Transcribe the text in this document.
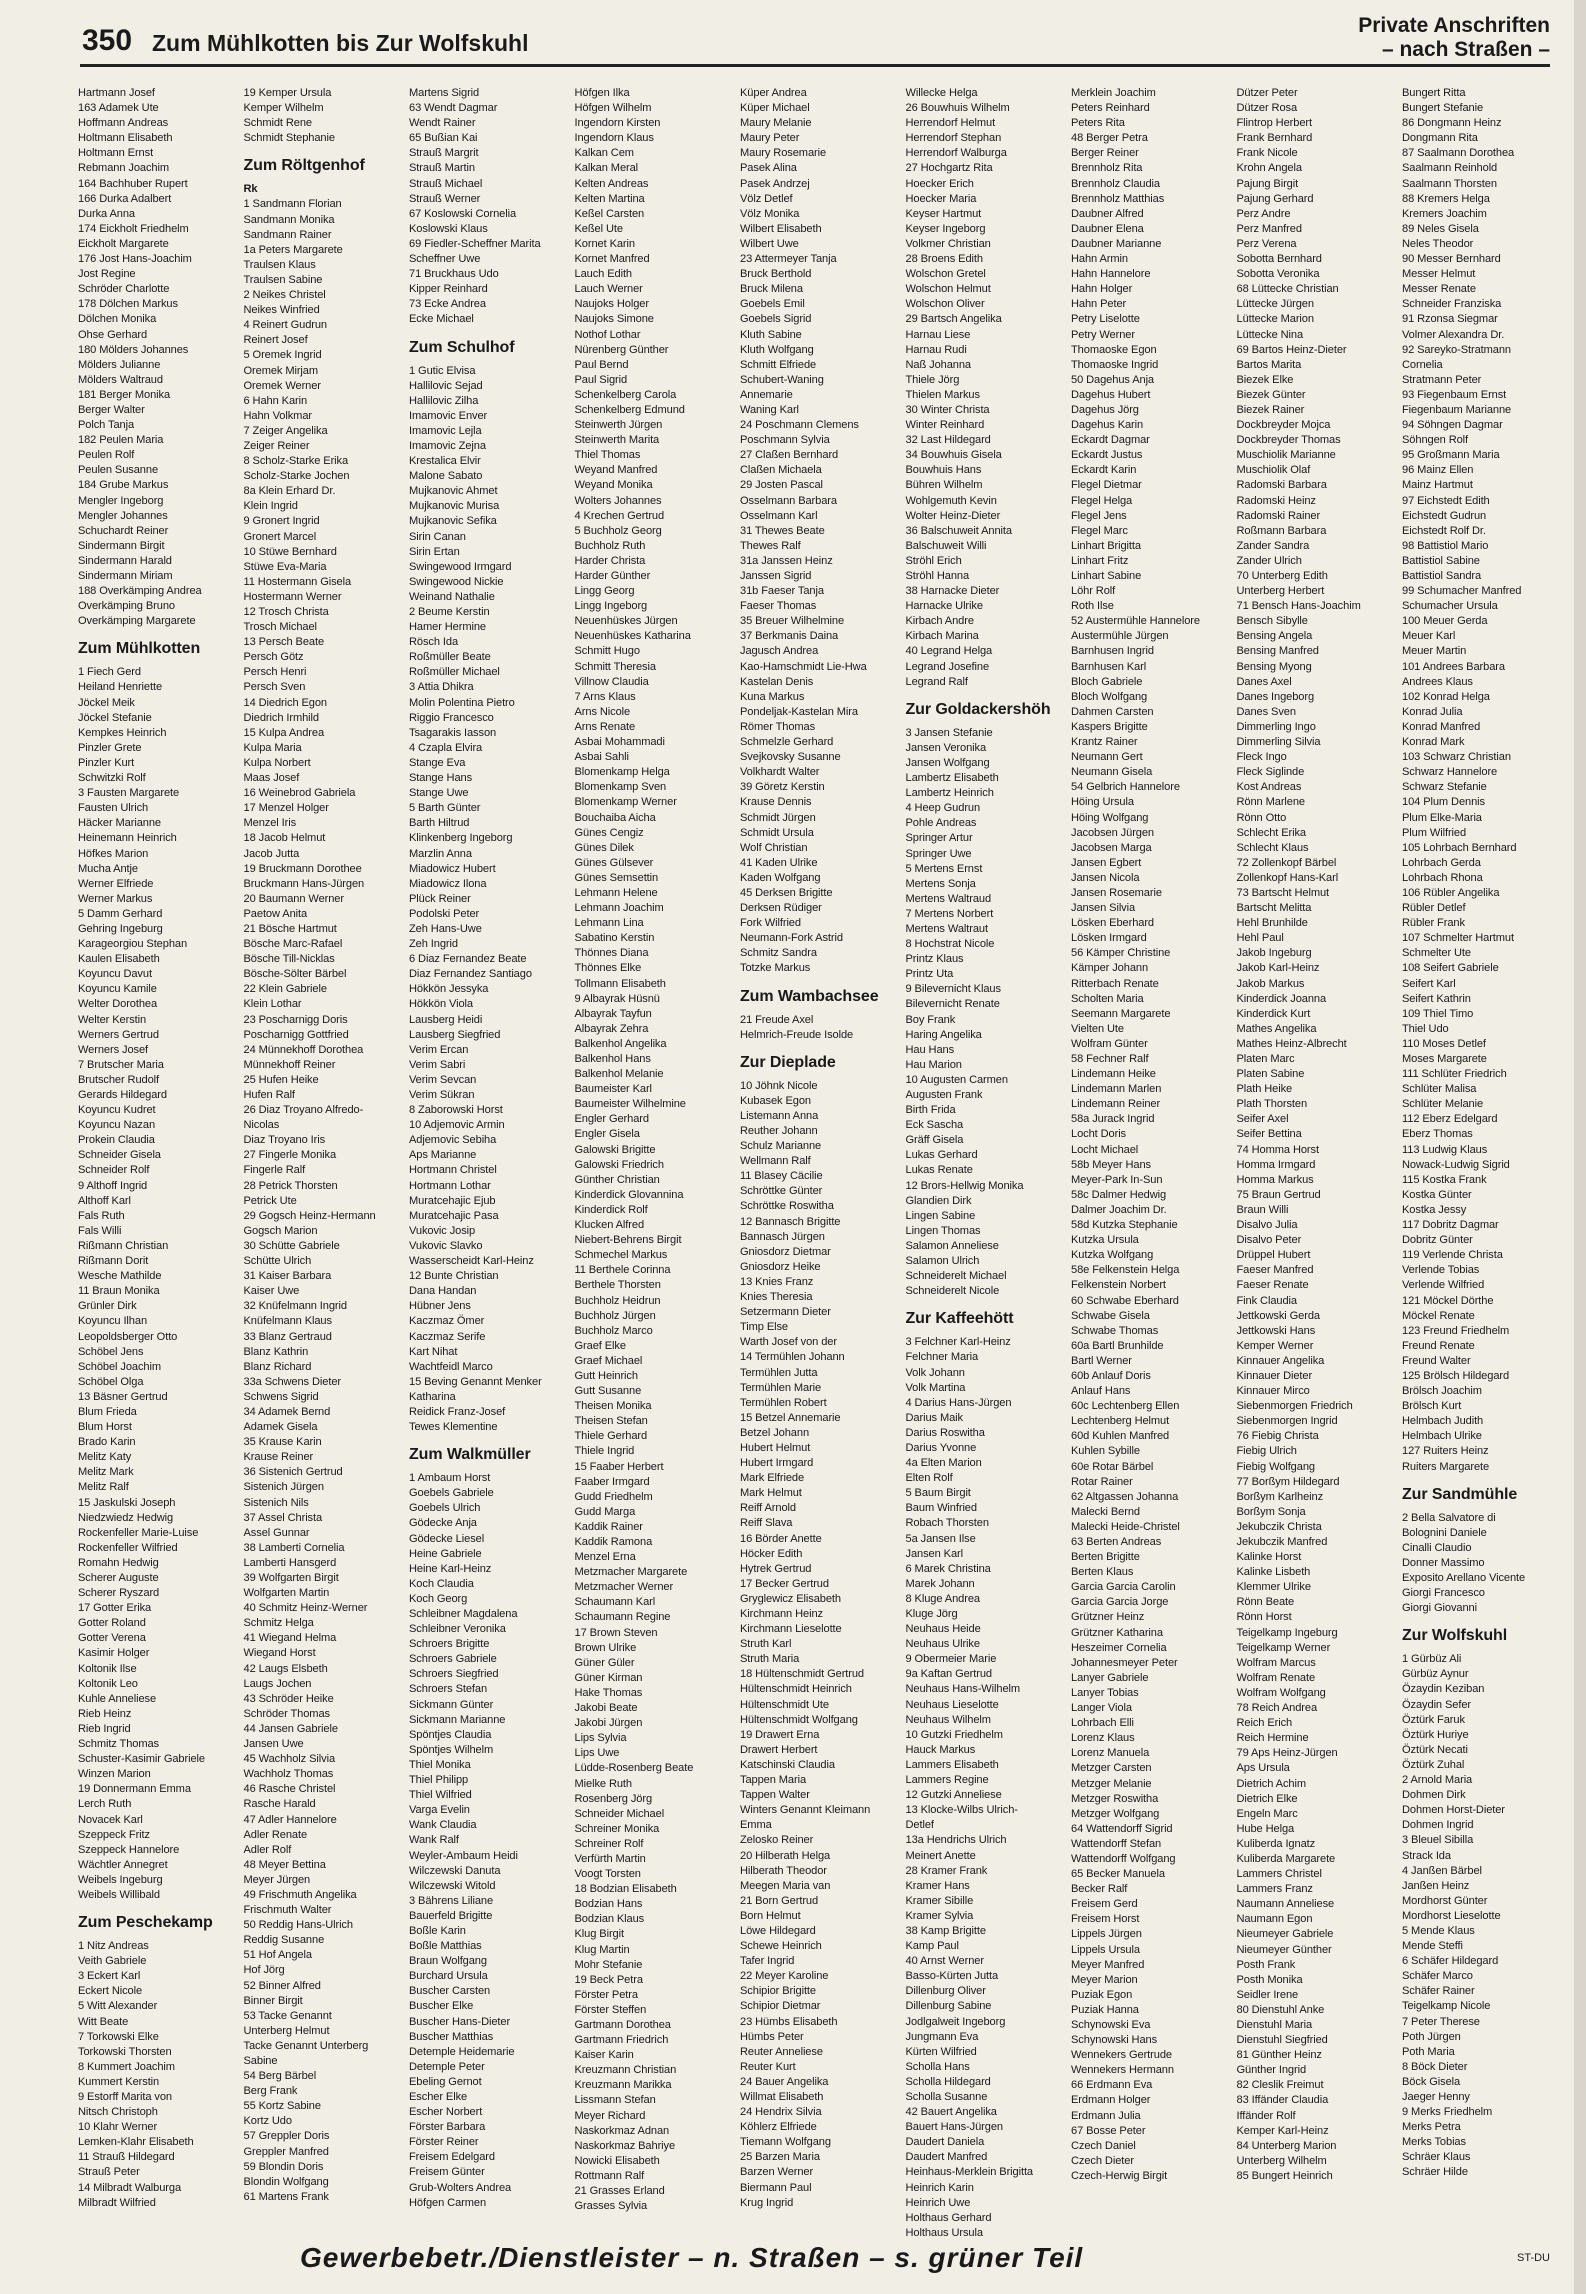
350 Zum Mühlkotten bis Zur Wolfskuhl
Private Anschriften
– nach Straßen –
Hartmann Josef
163 Adamek Ute
Hoffmann Andreas
Holtmann Elisabeth
Holtmann Ernst
Rebmann Joachim
164 Bachhuber Rupert
166 Durka Adalbert
Durka Anna
174 Eickholt Friedhelm
Eickholt Margarete
176 Jost Hans-Joachim
Jost Regine
Schröder Charlotte
178 Dölchen Markus
Dölchen Monika
Ohse Gerhard
180 Mölders Johannes
Mölders Julianne
Mölders Waltraud
181 Berger Monika
Berger Walter
Polch Tanja
182 Peulen Maria
Peulen Rolf
Peulen Susanne
184 Grube Markus
Mengler Ingeborg
Mengler Johannes
Schuchardt Reiner
Sindermann Birgit
Sindermann Harald
Sindermann Miriam
188 Overkämping Andrea
Overkämping Bruno
Overkämping Margarete
Zum Mühlkotten
1 Fiech Gerd
Heiland Henriette
Jöckel Meik
Jöckel Stefanie
Kempkes Heinrich
Pinzler Grete
Pinzler Kurt
Schwitzki Rolf
3 Fausten Margarete
Fausten Ulrich
Häcker Marianne
Heinemann Heinrich
Höfkes Marion
Mucha Antje
Werner Elfriede
Werner Markus
5 Damm Gerhard
Gehring Ingeburg
Karageorgiou Stephan
Kaulen Elisabeth
Koyuncu Davut
Koyuncu Kamile
Welter Dorothea
Welter Kerstin
Werners Gertrud
Werners Josef
7 Brutscher Maria
Brutscher Rudolf
Gerards Hildegard
Koyuncu Kudret
Koyuncu Nazan
Prokein Claudia
Schneider Gisela
Schneider Rolf
9 Althoff Ingrid
Althoff Karl
Fals Ruth
Fals Willi
Rißmann Christian
Rißmann Dorit
Wesche Mathilde
11 Braun Monika
Grünler Dirk
Koyuncu Ilhan
Leopoldsberger Otto
Schöbel Jens
Schöbel Joachim
Schöbel Olga
13 Bäsner Gertrud
Blum Frieda
Blum Horst
Brado Karin
Melitz Katy
Melitz Mark
Melitz Ralf
15 Jaskulski Joseph
Niedzwiedz Hedwig
Rockenfeller Marie-Luise
Rockenfeller Wilfried
Romahn Hedwig
Scherer Auguste
Scherer Ryszard
17 Gotter Erika
Gotter Roland
Gotter Verena
Kasimir Holger
Koltonik Ilse
Koltonik Leo
Kuhle Anneliese
Rieb Heinz
Rieb Ingrid
Schmitz Thomas
Schuster-Kasimir Gabriele
Winzen Marion
19 Donnermann Emma
Lerch Ruth
Novacek Karl
Szeppeck Fritz
Szeppeck Hannelore
Wächtler Annegret
Weibels Ingeburg
Weibels Willibald
Zum Peschekamp
1 Nitz Andreas
Veith Gabriele
3 Eckert Karl
Eckert Nicole
5 Witt Alexander
Witt Beate
7 Torkowski Elke
Torkowski Thorsten
8 Kummert Joachim
Kummert Kerstin
9 Estorff Marita von
Nitsch Christoph
10 Klahr Werner
Lemken-Klahr Elisabeth
11 Strauß Hildegard
Strauß Peter
14 Milbradt Walburga
Milbradt Wilfried
19 Kemper Ursula
Kemper Wilhelm
Schmidt Rene
Schmidt Stephanie
Zum Röltgenhof
Rk
1 Sandmann Florian
Sandmann Monika
Sandmann Rainer
1a Peters Margarete
Traulsen Klaus
Traulsen Sabine
2 Neikes Christel
Neikes Winfried
4 Reinert Gudrun
Reinert Josef
5 Oremek Ingrid
Oremek Mirjam
Oremek Werner
6 Hahn Karin
Hahn Volkmar
7 Zeiger Angelika
Zeiger Reiner
8 Scholz-Starke Erika
Scholz-Starke Jochen
8a Klein Erhard Dr.
Klein Ingrid
9 Gronert Ingrid
Gronert Marcel
10 Stüwe Bernhard
Stüwe Eva-Maria
11 Hostermann Gisela
Hostermann Werner
12 Trosch Christa
Trosch Michael
13 Persch Beate
Persch Götz
Persch Henri
Persch Sven
14 Diedrich Egon
Diedrich Irmhild
15 Kulpa Andrea
Kulpa Maria
Kulpa Norbert
Maas Josef
16 Weinebrod Gabriela
17 Menzel Holger
Menzel Iris
18 Jacob Helmut
Jacob Jutta
19 Bruckmann Dorothee
Bruckmann Hans-Jürgen
20 Baumann Werner
Paetow Anita
21 Bösche Hartmut
Bösche Marc-Rafael
Bösche Till-Nicklas
Bösche-Sölter Bärbel
22 Klein Gabriele
Klein Lothar
23 Poscharnigg Doris
Poscharnigg Gottfried
24 Münnekhoff Dorothea
Münnekhoff Reiner
25 Hufen Heike
Hufen Ralf
26 Diaz Troyano Alfredo-
Nicolas
Diaz Troyano Iris
27 Fingerle Monika
Fingerle Ralf
28 Petrick Thorsten
Petrick Ute
29 Gogsch Heinz-Hermann
Gogsch Marion
30 Schütte Gabriele
Schütte Ulrich
31 Kaiser Barbara
Kaiser Uwe
32 Knüfelmann Ingrid
Knüfelmann Klaus
33 Blanz Gertraud
Blanz Kathrin
Blanz Richard
33a Schwens Dieter
Schwens Sigrid
34 Adamek Bernd
Adamek Gisela
35 Krause Karin
Krause Reiner
36 Sistenich Gertrud
Sistenich Jürgen
Sistenich Nils
37 Assel Christa
Assel Gunnar
38 Lamberti Cornelia
Lamberti Hansgerd
39 Wolfgarten Birgit
Wolfgarten Martin
40 Schmitz Heinz-Werner
Schmitz Helga
41 Wiegand Helma
Wiegand Horst
42 Laugs Elsbeth
Laugs Jochen
43 Schröder Heike
Schröder Thomas
44 Jansen Gabriele
Jansen Uwe
45 Wachholz Silvia
Wachholz Thomas
46 Rasche Christel
Rasche Harald
47 Adler Hannelore
Adler Renate
Adler Rolf
48 Meyer Bettina
Meyer Jürgen
49 Frischmuth Angelika
Frischmuth Walter
50 Reddig Hans-Ulrich
Reddig Susanne
51 Hof Angela
Hof Jörg
52 Binner Alfred
Binner Birgit
53 Tacke Genannt
Unterberg Helmut
Tacke Genannt Unterberg
Sabine
54 Berg Bärbel
Berg Frank
55 Kortz Sabine
Kortz Udo
57 Greppler Doris
Greppler Manfred
59 Blondin Doris
Blondin Wolfgang
61 Martens Frank
Martens Sigrid
63 Wendt Dagmar
Wendt Rainer
65 Bußian Kai
Strauß Margrit
Strauß Martin
Strauß Michael
Strauß Werner
67 Koslowski Cornelia
Koslowski Klaus
69 Fiedler-Scheffner Marita
Scheffner Uwe
71 Bruckhaus Udo
Kipper Reinhard
73 Ecke Andrea
Ecke Michael
Zum Schulhof
1 Gutic Elvisa
Hallilovic Sejad
Hallilovic Zilha
Imamovic Enver
Imamovic Lejla
Imamovic Zejna
Krestalica Elvir
Malone Sabato
Mujkanovic Ahmet
Mujkanovic Murisa
Mujkanovic Sefika
Sirin Canan
Sirin Ertan
Swingewood Irmgard
Swingewood Nickie
Weinand Nathalie
2 Beume Kerstin
Hamer Hermine
Rösch Ida
Roßmüller Beate
Roßmüller Michael
3 Attia Dhikra
Molin Polentina Pietro
Riggio Francesco
Tsagarakis Iasson
4 Czapla Elvira
Stange Eva
Stange Hans
Stange Uwe
5 Barth Günter
Barth Hiltrud
Klinkenberg Ingeborg
Marzlin Anna
Miadowicz Hubert
Miadowicz Ilona
Plück Reiner
Podolski Peter
Zeh Hans-Uwe
Zeh Ingrid
6 Diaz Fernandez Beate
Diaz Fernandez Santiago
Hökkön Jessyka
Hökkön Viola
Lausberg Heidi
Lausberg Siegfried
Verim Ercan
Verim Sabri
Verim Sevcan
Verim Sükran
8 Zaborowski Horst
10 Adjemovic Armin
Adjemovic Sebiha
Aps Marianne
Hortmann Christel
Hortmann Lothar
Muratcehajic Ejub
Muratcehajic Pasa
Vukovic Josip
Vukovic Slavko
Wasserscheidt Karl-Heinz
12 Bunte Christian
Dana Handan
Hübner Jens
Kaczmaz Ömer
Kaczmaz Serife
Kart Nihat
Wachtfeidl Marco
15 Beving Genannt Menker
Katharina
Reidick Franz-Josef
Tewes Klementine
Zum Walkmüller
1 Ambaum Horst
Goebels Gabriele
Goebels Ulrich
Gödecke Anja
Gödecke Liesel
Heine Gabriele
Heine Karl-Heinz
Koch Claudia
Koch Georg
Schleibner Magdalena
Schleibner Veronika
Schroers Brigitte
Schroers Gabriele
Schroers Siegfried
Schroers Stefan
Sickmann Günter
Sickmann Marianne
Spöntjes Claudia
Spöntjes Wilhelm
Thiel Monika
Thiel Philipp
Thiel Wilfried
Varga Evelin
Wank Claudia
Wank Ralf
Weyler-Ambaum Heidi
Wilczewski Danuta
Wilczewski Witold
3 Bährens Liliane
Bauerfeld Brigitte
Boßle Karin
Boßle Matthias
Braun Wolfgang
Burchard Ursula
Buscher Carsten
Buscher Elke
Buscher Hans-Dieter
Buscher Matthias
Detemple Heidemarie
Detemple Peter
Ebeling Gernot
Escher Elke
Escher Norbert
Förster Barbara
Förster Reiner
Freisem Edelgard
Freisem Günter
Grub-Wolters Andrea
Höfgen Carmen
Höfgen Ilka
Höfgen Wilhelm
Ingendorn Kirsten
Ingendorn Klaus
Kalkan Cem
Kalkan Meral
Kelten Andreas
Kelten Martina
Keßel Carsten
Keßel Ute
Kornet Karin
Kornet Manfred
Lauch Edith
Lauch Werner
Naujoks Holger
Naujoks Simone
Nothof Lothar
Nürenberg Günther
Paul Bernd
Paul Sigrid
Schenkelberg Carola
Schenkelberg Edmund
Steinwerth Jürgen
Steinwerth Marita
Thiel Thomas
Weyand Manfred
Weyand Monika
Wolters Johannes
4 Krechen Gertrud
5 Buchholz Georg
Buchholz Ruth
Harder Christa
Harder Günther
Lingg Georg
Lingg Ingeborg
Neuenhüskes Jürgen
Neuenhüskes Katharina
Schmitt Hugo
Schmitt Theresia
Villnow Claudia
7 Arns Klaus
Arns Nicole
Arns Renate
Asbai Mohammadi
Asbai Sahli
Blomenkamp Helga
Blomenkamp Sven
Blomenkamp Werner
Bouchaiba Aicha
Günes Cengiz
Günes Dilek
Günes Gülsever
Günes Semsettin
Lehmann Helene
Lehmann Joachim
Lehmann Lina
Sabatino Kerstin
Thönnes Diana
Thönnes Elke
Tollmann Elisabeth
9 Albayrak Hüsnü
Albayrak Tayfun
Albayrak Zehra
Balkenhol Angelika
Balkenhol Hans
Balkenhol Melanie
Baumeister Karl
Baumeister Wilhelmine
Engler Gerhard
Engler Gisela
Galowski Brigitte
Galowski Friedrich
Günther Christian
Kinderdick Glovannina
Kinderdick Rolf
Klucken Alfred
Niebert-Behrens Birgit
Schmechel Markus
11 Berthele Corinna
Berthele Thorsten
Buchholz Heidrun
Buchholz Jürgen
Buchholz Marco
Graef Elke
Graef Michael
Gutt Heinrich
Gutt Susanne
Theisen Monika
Theisen Stefan
Thiele Gerhard
Thiele Ingrid
15 Faaber Herbert
Faaber Irmgard
Gudd Friedhelm
Gudd Marga
Kaddik Rainer
Kaddik Ramona
Menzel Erna
Metzmacher Margarete
Metzmacher Werner
Schaumann Karl
Schaumann Regine
17 Brown Steven
Brown Ulrike
Güner Güler
Güner Kirman
Hake Thomas
Jakobi Beate
Jakobi Jürgen
Lips Sylvia
Lips Uwe
Lüdde-Rosenberg Beate
Mielke Ruth
Rosenberg Jörg
Schneider Michael
Schreiner Monika
Schreiner Rolf
Verfürth Martin
Voogt Torsten
18 Bodzian Elisabeth
Bodzian Hans
Bodzian Klaus
Klug Birgit
Klug Martin
Mohr Stefanie
19 Beck Petra
Förster Petra
Förster Steffen
Gartmann Dorothea
Gartmann Friedrich
Kaiser Karin
Kreuzmann Christian
Kreuzmann Marikka
Lissmann Stefan
Meyer Richard
Naskorkmaz Adnan
Naskorkmaz Bahriye
Nowicki Elisabeth
Rottmann Ralf
21 Grasses Erland
Grasses Sylvia
Küper Andrea
Küper Michael
Maury Melanie
Maury Peter
Maury Rosemarie
Pasek Alina
Pasek Andrzej
Völz Detlef
Völz Monika
Wilbert Elisabeth
Wilbert Uwe
23 Attermeyer Tanja
Bruck Berthold
Bruck Milena
Goebels Emil
Goebels Sigrid
Kluth Sabine
Kluth Wolfgang
Schmitt Elfriede
Schubert-Waning
Annemarie
Waning Karl
24 Poschmann Clemens
Poschmann Sylvia
27 Claßen Bernhard
Claßen Michaela
29 Josten Pascal
Osselmann Barbara
Osselmann Karl
31 Thewes Beate
Thewes Ralf
31a Janssen Heinz
Janssen Sigrid
31b Faeser Tanja
Faeser Thomas
35 Breuer Wilhelmine
37 Berkmanis Daina
Jagusch Andrea
Kao-Hamschmidt Lie-Hwa
Kastelan Denis
Kuna Markus
Pondeljak-Kastelan Mira
Römer Thomas
Schmelzle Gerhard
Svejkovsky Susanne
Volkhardt Walter
39 Göretz Kerstin
Krause Dennis
Schmidt Jürgen
Schmidt Ursula
Wolf Christian
41 Kaden Ulrike
Kaden Wolfgang
45 Derksen Brigitte
Derksen Rüdiger
Fork Wilfried
Neumann-Fork Astrid
Schmitz Sandra
Totzke Markus
Zum Wambachsee
21 Freude Axel
Helmrich-Freude Isolde
Zur Dieplade
10 Jöhnk Nicole
Kubasek Egon
Listemann Anna
Reuther Johann
Schulz Marianne
Wellmann Ralf
11 Blasey Cäcilie
Schröttke Günter
Schröttke Roswitha
12 Bannasch Brigitte
Bannasch Jürgen
Gniosdorz Dietmar
Gniosdorz Heike
13 Knies Franz
Knies Theresia
Setzermann Dieter
Timp Else
Warth Josef von der
14 Termühlen Johann
Termühlen Jutta
Termühlen Marie
Termühlen Robert
15 Betzel Annemarie
Betzel Johann
Hubert Helmut
Hubert Irmgard
Mark Elfriede
Mark Helmut
Reiff Arnold
Reiff Slava
16 Börder Anette
Höcker Edith
Hytrek Gertrud
17 Becker Gertrud
Gryglewicz Elisabeth
Kirchmann Heinz
Kirchmann Lieselotte
Struth Karl
Struth Maria
18 Hültenschmidt Gertrud
Hültenschmidt Heinrich
Hültenschmidt Ute
Hültenschmidt Wolfgang
19 Drawert Erna
Drawert Herbert
Katschinski Claudia
Tappen Maria
Tappen Walter
Winters Genannt Kleimann
Emma
Zelosko Reiner
20 Hilberath Helga
Hilberath Theodor
Meegen Maria van
21 Born Gertrud
Born Helmut
Löwe Hildegard
Schewe Heinrich
Tafer Ingrid
22 Meyer Karoline
Schipior Brigitte
Schipior Dietmar
23 Hümbs Elisabeth
Hümbs Peter
Reuter Anneliese
Reuter Kurt
24 Bauer Angelika
Willmat Elisabeth
24 Hendrix Silvia
Köhlerz Elfriede
Tiemann Wolfgang
25 Barzen Maria
Barzen Werner
Biermann Paul
Krug Ingrid
Willecke Helga
26 Bouwhuis Wilhelm
Herrendorf Helmut
Herrendorf Stephan
Herrendorf Walburga
27 Hochgartz Rita
Hoecker Erich
Hoecker Maria
Keyser Hartmut
Keyser Ingeborg
Volkmer Christian
28 Broens Edith
Wolschon Gretel
Wolschon Helmut
Wolschon Oliver
29 Bartsch Angelika
Harnau Liese
Harnau Rudi
Naß Johanna
Thiele Jörg
Thielen Markus
30 Winter Christa
Winter Reinhard
32 Last Hildegard
34 Bouwhuis Gisela
Bouwhuis Hans
Bühren Wilhelm
Wohlgemuth Kevin
Wolter Heinz-Dieter
36 Balschuweit Annita
Balschuweit Willi
Ströhl Erich
Ströhl Hanna
38 Harnacke Dieter
Harnacke Ulrike
Kirbach Andre
Kirbach Marina
40 Legrand Helga
Legrand Josefine
Legrand Ralf
Zur Goldackershöh
3 Jansen Stefanie
Jansen Veronika
Jansen Wolfgang
Lambertz Elisabeth
Lambertz Heinrich
4 Heep Gudrun
Pohle Andreas
Springer Artur
Springer Uwe
5 Mertens Ernst
Mertens Sonja
Mertens Waltraud
7 Mertens Norbert
Mertens Waltraut
8 Hochstrat Nicole
Printz Klaus
Printz Uta
9 Bilevernicht Klaus
Bilevernicht Renate
Boy Frank
Haring Angelika
Hau Hans
Hau Marion
10 Augusten Carmen
Augusten Frank
Birth Frida
Eck Sascha
Gräff Gisela
Lukas Gerhard
Lukas Renate
12 Brors-Hellwig Monika
Glandien Dirk
Lingen Sabine
Lingen Thomas
Salamon Anneliese
Salamon Ulrich
Schneiderelt Michael
Schneiderelt Nicole
Zur Kaffeehött
3 Felchner Karl-Heinz
Felchner Maria
Volk Johann
Volk Martina
4 Darius Hans-Jürgen
Darius Maik
Darius Roswitha
Darius Yvonne
4a Elten Marion
Elten Rolf
5 Baum Birgit
Baum Winfried
Robach Thorsten
5a Jansen Ilse
Jansen Karl
6 Marek Christina
Marek Johann
8 Kluge Andrea
Kluge Jörg
Neuhaus Heide
Neuhaus Ulrike
9 Obermeier Marie
9a Kaftan Gertrud
Neuhaus Hans-Wilhelm
Neuhaus Lieselotte
Neuhaus Wilhelm
10 Gutzki Friedhelm
Hauck Markus
Lammers Elisabeth
Lammers Regine
12 Gutzki Anneliese
13 Klocke-Wilbs Ulrich-
Detlef
13a Hendrichs Ulrich
Meinert Anette
28 Kramer Frank
Kramer Hans
Kramer Sibille
Kramer Sylvia
38 Kamp Brigitte
Kamp Paul
40 Arnst Werner
Basso-Kürten Jutta
Dillenburg Oliver
Dillenburg Sabine
Jodlgalweit Ingeborg
Jungmann Eva
Kürten Wilfried
Scholla Hans
Scholla Hildegard
Scholla Susanne
42 Bauert Angelika
Bauert Hans-Jürgen
Daudert Daniela
Daudert Manfred
Heinhaus-Merklein Brigitta
Heinrich Karin
Heinrich Uwe
Holthaus Gerhard
Holthaus Ursula
Merklein Joachim
Peters Reinhard
Peters Rita
48 Berger Petra
Berger Reiner
Brennholz Rita
Brennholz Claudia
Brennholz Matthias
Daubner Alfred
Daubner Elena
Daubner Marianne
Hahn Armin
Hahn Hannelore
Hahn Holger
Hahn Peter
Petry Liselotte
Petry Werner
Thomaoske Egon
Thomaoske Ingrid
50 Dagehus Anja
Dagehus Hubert
Dagehus Jörg
Dagehus Karin
Eckardt Dagmar
Eckardt Justus
Eckardt Karin
Flegel Dietmar
Flegel Helga
Flegel Jens
Flegel Marc
Linhart Brigitta
Linhart Fritz
Linhart Sabine
Löhr Rolf
Roth Ilse
52 Austermühle Hannelore
Austermühle Jürgen
Barnhusen Ingrid
Barnhusen Karl
Bloch Gabriele
Bloch Wolfgang
Dahmen Carsten
Kaspers Brigitte
Krantz Rainer
Neumann Gert
Neumann Gisela
54 Gelbrich Hannelore
Höing Ursula
Höing Wolfgang
Jacobsen Jürgen
Jacobsen Marga
Jansen Egbert
Jansen Nicola
Jansen Rosemarie
Jansen Silvia
Lösken Eberhard
Lösken Irmgard
56 Kämper Christine
Kämper Johann
Ritterbach Renate
Scholten Maria
Seemann Margarete
Vielten Ute
Wolfram Günter
58 Fechner Ralf
Lindemann Heike
Lindemann Marlen
Lindemann Reiner
58a Jurack Ingrid
Locht Doris
Locht Michael
58b Meyer Hans
Meyer-Park In-Sun
58c Dalmer Hedwig
Dalmer Joachim Dr.
58d Kutzka Stephanie
Kutzka Ursula
Kutzka Wolfgang
58e Felkenstein Helga
Felkenstein Norbert
60 Schwabe Eberhard
Schwabe Gisela
Schwabe Thomas
60a Bartl Brunhilde
Bartl Werner
60b Anlauf Doris
Anlauf Hans
60c Lechtenberg Ellen
Lechtenberg Helmut
60d Kuhlen Manfred
Kuhlen Sybille
60e Rotar Bärbel
Rotar Rainer
62 Altgassen Johanna
Malecki Bernd
Malecki Heide-Christel
63 Berten Andreas
Berten Brigitte
Berten Klaus
Garcia Garcia Carolin
Garcia Garcia Jorge
Grützner Heinz
Grützner Katharina
Heszeimer Cornelia
Johannesmeyer Peter
Lanyer Gabriele
Lanyer Tobias
Langer Viola
Lohrbach Elli
Lorenz Klaus
Lorenz Manuela
Metzger Carsten
Metzger Melanie
Metzger Roswitha
Metzger Wolfgang
64 Wattendorff Sigrid
Wattendorff Stefan
Wattendorff Wolfgang
65 Becker Manuela
Becker Ralf
Freisem Gerd
Freisem Horst
Lippels Jürgen
Lippels Ursula
Meyer Manfred
Meyer Marion
Puziak Egon
Puziak Hanna
Schynowski Eva
Schynowski Hans
Wennekers Gertrude
Wennekers Hermann
66 Erdmann Eva
Erdmann Holger
Erdmann Julia
67 Bosse Peter
Czech Daniel
Czech Dieter
Czech-Herwig Birgit
Dützer Peter
Dützer Rosa
Flintrop Herbert
Frank Bernhard
Frank Nicole
Krohn Angela
Pajung Birgit
Pajung Gerhard
Perz Andre
Perz Manfred
Perz Verena
Sobotta Bernhard
Sobotta Veronika
68 Lüttecke Christian
Lüttecke Jürgen
Lüttecke Marion
Lüttecke Nina
69 Bartos Heinz-Dieter
Bartos Marita
Biezek Elke
Biezek Günter
Biezek Rainer
Dockbreyder Mojca
Dockbreyder Thomas
Muschiolik Marianne
Muschiolik Olaf
Radomski Barbara
Radomski Heinz
Radomski Rainer
Roßmann Barbara
Zander Sandra
Zander Ulrich
70 Unterberg Edith
Unterberg Herbert
71 Bensch Hans-Joachim
Bensch Sibylle
Bensing Angela
Bensing Manfred
Bensing Myong
Danes Axel
Danes Ingeborg
Danes Sven
Dimmerling Ingo
Dimmerling Silvia
Fleck Ingo
Fleck Siglinde
Kost Andreas
Rönn Marlene
Rönn Otto
Schlecht Erika
Schlecht Klaus
72 Zollenkopf Bärbel
Zollenkopf Hans-Karl
73 Bartscht Helmut
Bartscht Melitta
Hehl Brunhilde
Hehl Paul
Jakob Ingeburg
Jakob Karl-Heinz
Jakob Markus
Kinderdick Joanna
Kinderdick Kurt
Mathes Angelika
Mathes Heinz-Albrecht
Platen Marc
Platen Sabine
Plath Heike
Plath Thorsten
Seifer Axel
Seifer Bettina
74 Homma Horst
Homma Irmgard
Homma Markus
75 Braun Gertrud
Braun Willi
Disalvo Julia
Disalvo Peter
Drüppel Hubert
Faeser Manfred
Faeser Renate
Fink Claudia
Jettkowski Gerda
Jettkowski Hans
Kemper Werner
Kinnauer Angelika
Kinnauer Dieter
Kinnauer Mirco
Siebenmorgen Friedrich
Siebenmorgen Ingrid
76 Fiebig Christa
Fiebig Ulrich
Fiebig Wolfgang
77 Borßym Hildegard
Borßym Karlheinz
Borßym Sonja
Jekubczik Christa
Jekubczik Manfred
Kalinke Horst
Kalinke Lisbeth
Klemmer Ulrike
Rönn Beate
Rönn Horst
Teigelkamp Ingeburg
Teigelkamp Werner
Wolfram Marcus
Wolfram Renate
Wolfram Wolfgang
78 Reich Andrea
Reich Erich
Reich Hermine
79 Aps Heinz-Jürgen
Aps Ursula
Dietrich Achim
Dietrich Elke
Engeln Marc
Hube Helga
Kuliberda Ignatz
Kuliberda Margarete
Lammers Christel
Lammers Franz
Naumann Anneliese
Naumann Egon
Nieumeyer Gabriele
Nieumeyer Günther
Posth Frank
Posth Monika
Seidler Irene
80 Dienstuhl Anke
Dienstuhl Maria
Dienstuhl Siegfried
81 Günther Heinz
Günther Ingrid
82 Cleslik Freimut
83 Iffänder Claudia
Iffänder Rolf
Kemper Karl-Heinz
84 Unterberg Marion
Unterberg Wilhelm
85 Bungert Heinrich
Bungert Ritta
Bungert Stefanie
86 Dongmann Heinz
Dongmann Rita
87 Saalmann Dorothea
Saalmann Reinhold
Saalmann Thorsten
88 Kremers Helga
Kremers Joachim
89 Neles Gisela
Neles Theodor
90 Messer Bernhard
Messer Helmut
Messer Renate
Schneider Franziska
91 Rzonsa Siegmar
Volmer Alexandra Dr.
92 Sareyko-Stratmann
Cornelia
Stratmann Peter
93 Fiegenbaum Ernst
Fiegenbaum Marianne
94 Söhngen Dagmar
Söhngen Rolf
95 Großmann Maria
96 Mainz Ellen
Mainz Hartmut
97 Eichstedt Edith
Eichstedt Gudrun
Eichstedt Rolf Dr.
98 Battistiol Mario
Battistiol Sabine
Battistiol Sandra
99 Schumacher Manfred
Schumacher Ursula
100 Meuer Gerda
Meuer Karl
Meuer Martin
101 Andrees Barbara
Andrees Klaus
102 Konrad Helga
Konrad Julia
Konrad Manfred
Konrad Mark
103 Schwarz Christian
Schwarz Hannelore
Schwarz Stefanie
104 Plum Dennis
Plum Elke-Maria
Plum Wilfried
105 Lohrbach Bernhard
Lohrbach Gerda
Lohrbach Rhona
106 Rübler Angelika
Rübler Detlef
Rübler Frank
107 Schmelter Hartmut
Schmelter Ute
108 Seifert Gabriele
Seifert Karl
Seifert Kathrin
109 Thiel Timo
Thiel Udo
110 Moses Detlef
Moses Margarete
111 Schlüter Friedrich
Schlüter Malisa
Schlüter Melanie
112 Eberz Edelgard
Eberz Thomas
113 Ludwig Klaus
Nowack-Ludwig Sigrid
115 Kostka Frank
Kostka Günter
Kostka Jessy
117 Dobritz Dagmar
Dobritz Günter
119 Verlende Christa
Verlende Tobias
Verlende Wilfried
121 Möckel Dörthe
Möckel Renate
123 Freund Friedhelm
Freund Renate
Freund Walter
125 Brölsch Hildegard
Brölsch Joachim
Brölsch Kurt
Helmbach Judith
Helmbach Ulrike
127 Ruiters Heinz
Ruiters Margarete
Zur Sandmühle
2 Bella Salvatore di
Bolognini Daniele
Cinalli Claudio
Donner Massimo
Exposito Arellano Vicente
Giorgi Francesco
Giorgi Giovanni
Zur Wolfskuhl
1 Gürbüz Ali
Gürbüz Aynur
Özaydin Keziban
Özaydin Sefer
Öztürk Faruk
Öztürk Huriye
Öztürk Necati
Öztürk Zuhal
2 Arnold Maria
Dohmen Dirk
Dohmen Horst-Dieter
Dohmen Ingrid
3 Bleuel Sibilla
Strack Ida
4 Janßen Bärbel
Janßen Heinz
Mordhorst Günter
Mordhorst Lieselotte
5 Mende Klaus
Mende Steffi
6 Schäfer Hildegard
Schäfer Marco
Schäfer Rainer
Teigelkamp Nicole
7 Peter Therese
Poth Jürgen
Poth Maria
8 Böck Dieter
Böck Gisela
Jaeger Henny
9 Merks Friedhelm
Merks Petra
Merks Tobias
Schräer Klaus
Schräer Hilde
Gewerbebetr./Dienstleister – n. Straßen – s. grüner Teil	ST-DU
